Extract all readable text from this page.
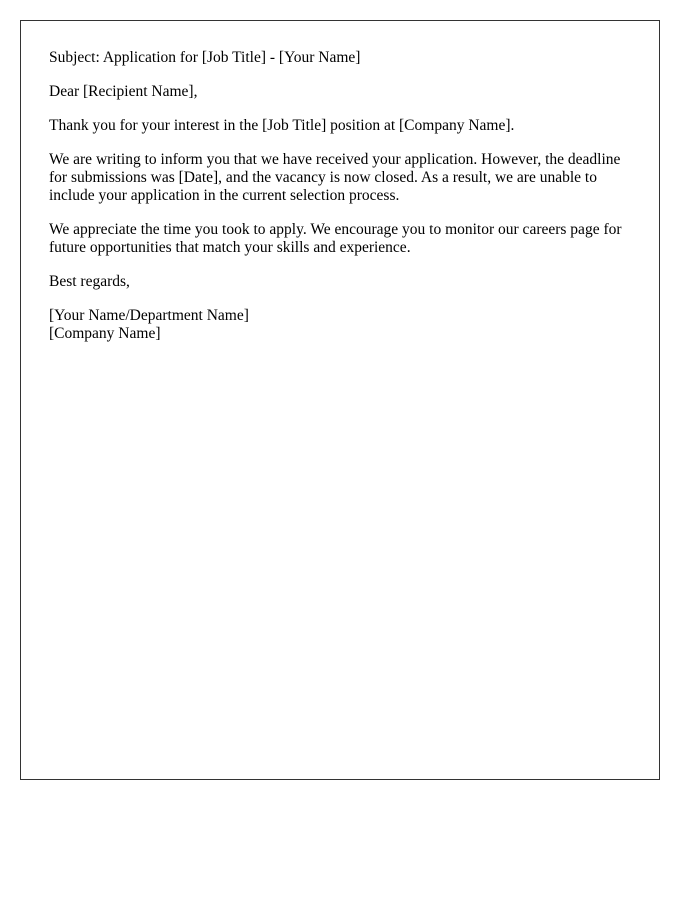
Subject: Application for [Job Title] - [Your Name]

Dear [Recipient Name],

Thank you for your interest in the [Job Title] position at [Company Name].

We are writing to inform you that we have received your application. However, the deadline for submissions was [Date], and the vacancy is now closed. As a result, we are unable to include your application in the current selection process.

We appreciate the time you took to apply. We encourage you to monitor our careers page for future opportunities that match your skills and experience.

Best regards,

[Your Name/Department Name]
[Company Name]
